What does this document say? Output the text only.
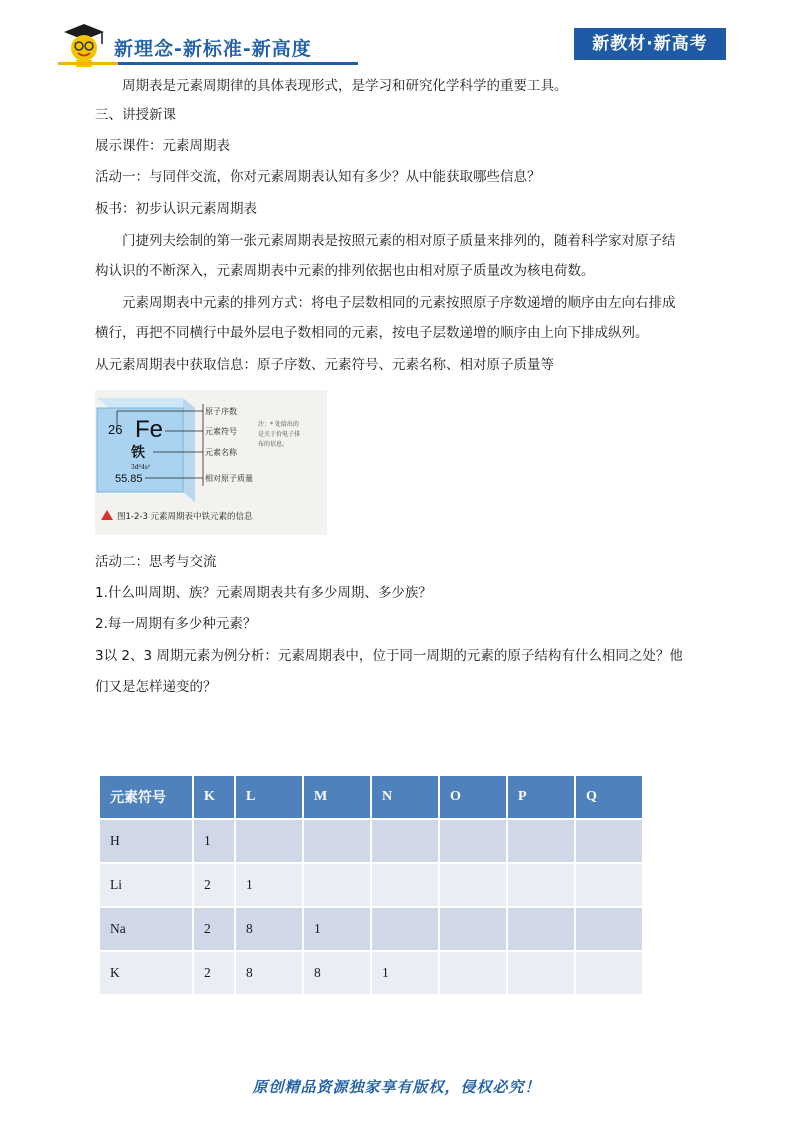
新理念-新标准-新高度	新教材·新高考
周期表是元素周期律的具体表现形式，是学习和研究化学科学的重要工具。
三、讲授新课
展示课件：元素周期表
活动一：与同伴交流，你对元素周期表认知有多少？从中能获取哪些信息？
板书：初步认识元素周期表
门捷列夫绘制的第一张元素周期表是按照元素的相对原子质量来排列的，随着科学家对原子结
构认识的不断深入，元素周期表中元素的排列依据也由相对原子质量改为核电荷数。
元素周期表中元素的排列方式：将电子层数相同的元素按照原子序数递增的顺序由左向右排成
横行，再把不同横行中最外层电子数相同的元素，按电子层数递增的顺序由上向下排成纵列。
从元素周期表中获取信息：原子序数、元素符号、元素名称、相对原子质量等
26 Fe
铁
3d⁶4s²
55.85
原子序数
元素符号
元素名称
相对原子质量
注：* 处给出的
是关于价电子排
布的信息。
图1-2-3 元素周期表中铁元素的信息
活动二：思考与交流
1.什么叫周期、族？元素周期表共有多少周期、多少族？
2.每一周期有多少种元素？
3以 2、3 周期元素为例分析：元素周期表中，位于同一周期的元素的原子结构有什么相同之处？他
们又是怎样递变的？
元素符号	K	L	M	N	O	P	Q
H	1						
Li	2	1					
Na	2	8	1				
K	2	8	8	1			
原创精品资源独家享有版权，侵权必究！
